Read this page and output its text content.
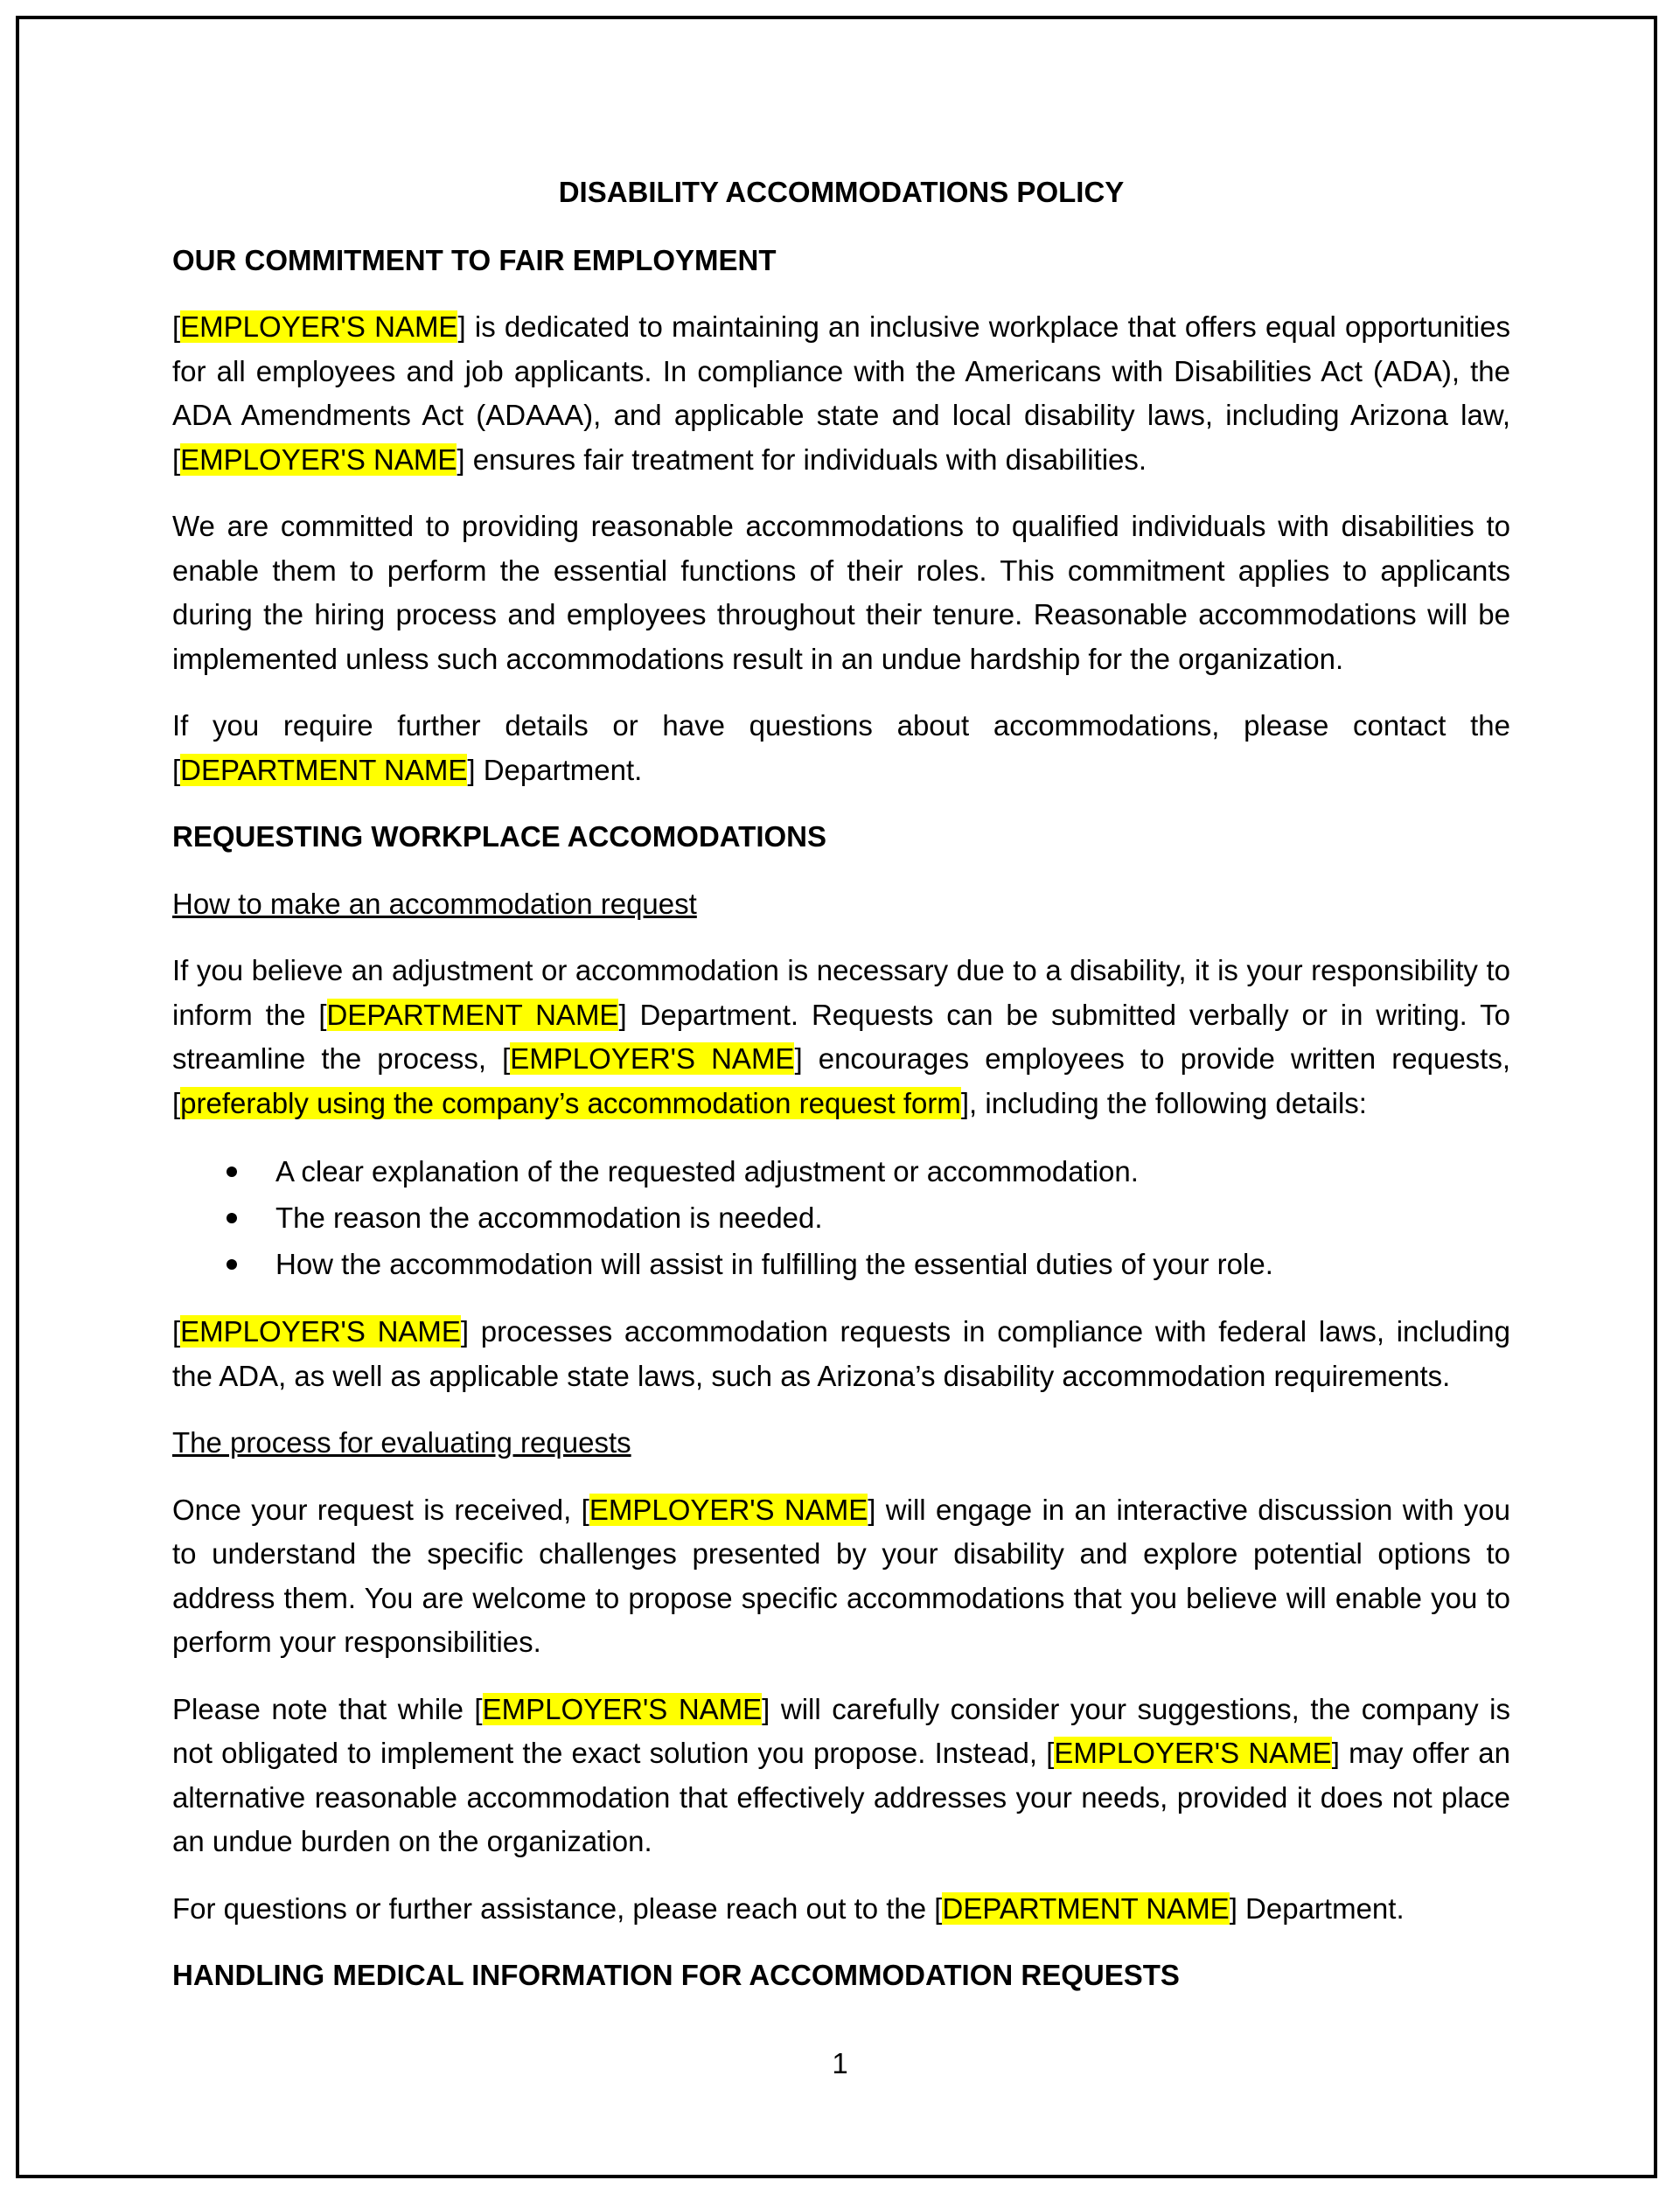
DISABILITY ACCOMMODATIONS POLICY
OUR COMMITMENT TO FAIR EMPLOYMENT

[EMPLOYER'S NAME] is dedicated to maintaining an inclusive workplace that offers equal opportunities for all employees and job applicants. In compliance with the Americans with Disabilities Act (ADA), the ADA Amendments Act (ADAAA), and applicable state and local disability laws, including Arizona law, [EMPLOYER'S NAME] ensures fair treatment for individuals with disabilities.

We are committed to providing reasonable accommodations to qualified individuals with disabilities to enable them to perform the essential functions of their roles. This commitment applies to applicants during the hiring process and employees throughout their tenure. Reasonable accommodations will be implemented unless such accommodations result in an undue hardship for the organization.

If you require further details or have questions about accommodations, please contact the [DEPARTMENT NAME] Department.

REQUESTING WORKPLACE ACCOMODATIONS
How to make an accommodation request

If you believe an adjustment or accommodation is necessary due to a disability, it is your responsibility to inform the [DEPARTMENT NAME] Department. Requests can be submitted verbally or in writing. To streamline the process, [EMPLOYER'S NAME] encourages employees to provide written requests, [preferably using the company’s accommodation request form], including the following details:

A clear explanation of the requested adjustment or accommodation.
The reason the accommodation is needed.
How the accommodation will assist in fulfilling the essential duties of your role.

[EMPLOYER'S NAME] processes accommodation requests in compliance with federal laws, including the ADA, as well as applicable state laws, such as Arizona’s disability accommodation requirements.

The process for evaluating requests

Once your request is received, [EMPLOYER'S NAME] will engage in an interactive discussion with you to understand the specific challenges presented by your disability and explore potential options to address them. You are welcome to propose specific accommodations that you believe will enable you to perform your responsibilities.

Please note that while [EMPLOYER'S NAME] will carefully consider your suggestions, the company is not obligated to implement the exact solution you propose. Instead, [EMPLOYER'S NAME] may offer an alternative reasonable accommodation that effectively addresses your needs, provided it does not place an undue burden on the organization.

For questions or further assistance, please reach out to the [DEPARTMENT NAME] Department.

HANDLING MEDICAL INFORMATION FOR ACCOMMODATION REQUESTS
1
